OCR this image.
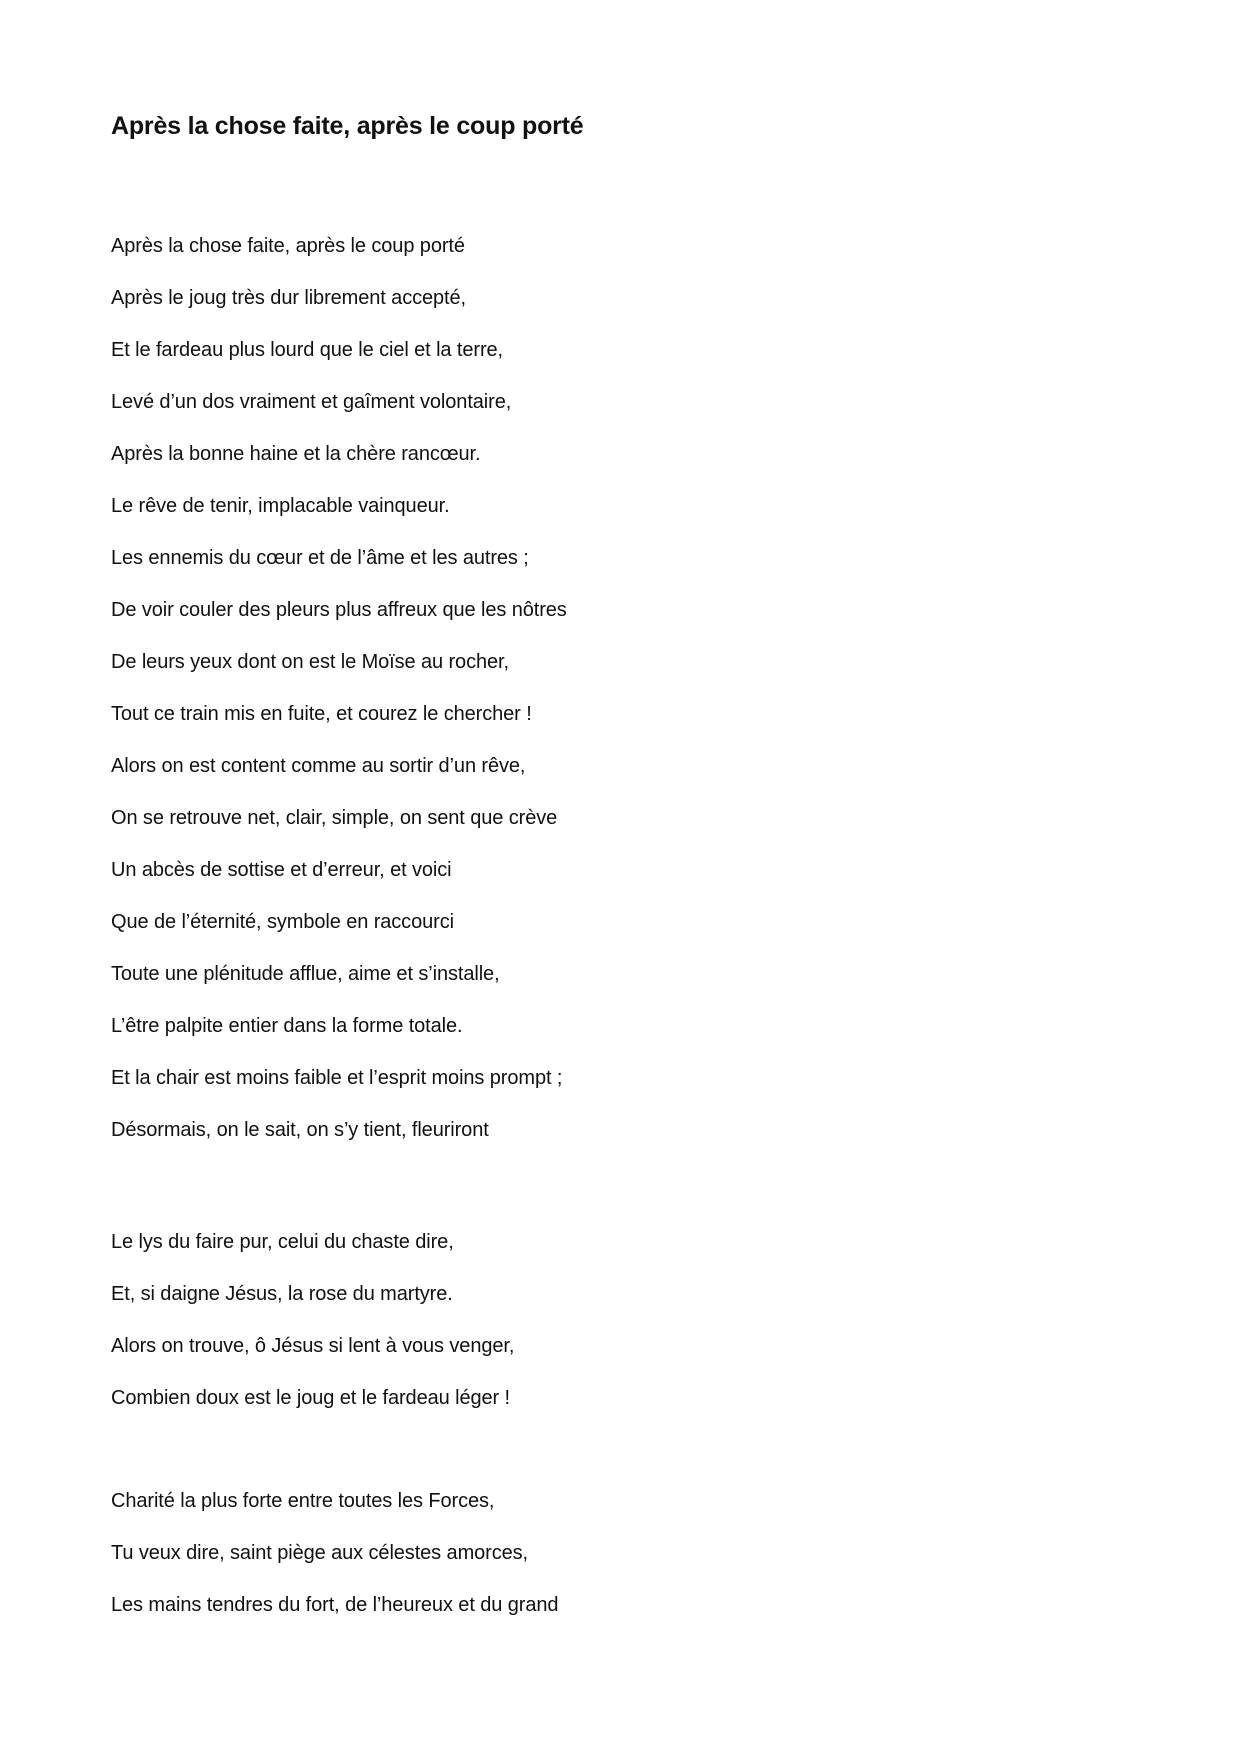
Après la chose faite, après le coup porté
Après la chose faite, après le coup porté
Après le joug très dur librement accepté,
Et le fardeau plus lourd que le ciel et la terre,
Levé d’un dos vraiment et gaîment volontaire,
Après la bonne haine et la chère rancœur.
Le rêve de tenir, implacable vainqueur.
Les ennemis du cœur et de l’âme et les autres ;
De voir couler des pleurs plus affreux que les nôtres
De leurs yeux dont on est le Moïse au rocher,
Tout ce train mis en fuite, et courez le chercher !
Alors on est content comme au sortir d’un rêve,
On se retrouve net, clair, simple, on sent que crève
Un abcès de sottise et d’erreur, et voici
Que de l’éternité, symbole en raccourci
Toute une plénitude afflue, aime et s’installe,
L’être palpite entier dans la forme totale.
Et la chair est moins faible et l’esprit moins prompt ;
Désormais, on le sait, on s’y tient, fleuriront
Le lys du faire pur, celui du chaste dire,
Et, si daigne Jésus, la rose du martyre.
Alors on trouve, ô Jésus si lent à vous venger,
Combien doux est le joug et le fardeau léger !
Charité la plus forte entre toutes les Forces,
Tu veux dire, saint piège aux célestes amorces,
Les mains tendres du fort, de l’heureux et du grand
